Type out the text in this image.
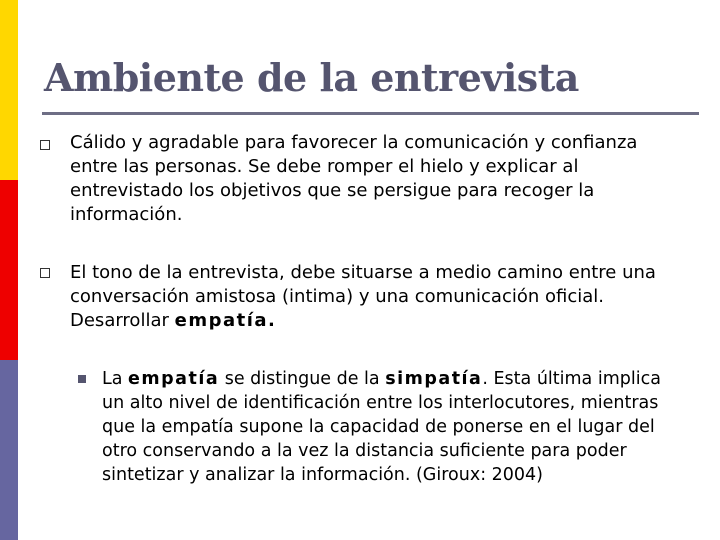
Ambiente de la entrevista

Cálido y agradable para favorecer la comunicación y confianza entre las personas. Se debe romper el hielo y explicar al entrevistado los objetivos que se persigue para recoger la información.

El tono de la entrevista, debe situarse a medio camino entre una conversación amistosa (intima) y una comunicación oficial. Desarrollar empatía.

La empatía se distingue de la simpatía. Esta última implica un alto nivel de identificación entre los interlocutores, mientras que la empatía supone la capacidad de ponerse en el lugar del otro conservando a la vez la distancia suficiente para poder sintetizar y analizar la información. (Giroux: 2004)
